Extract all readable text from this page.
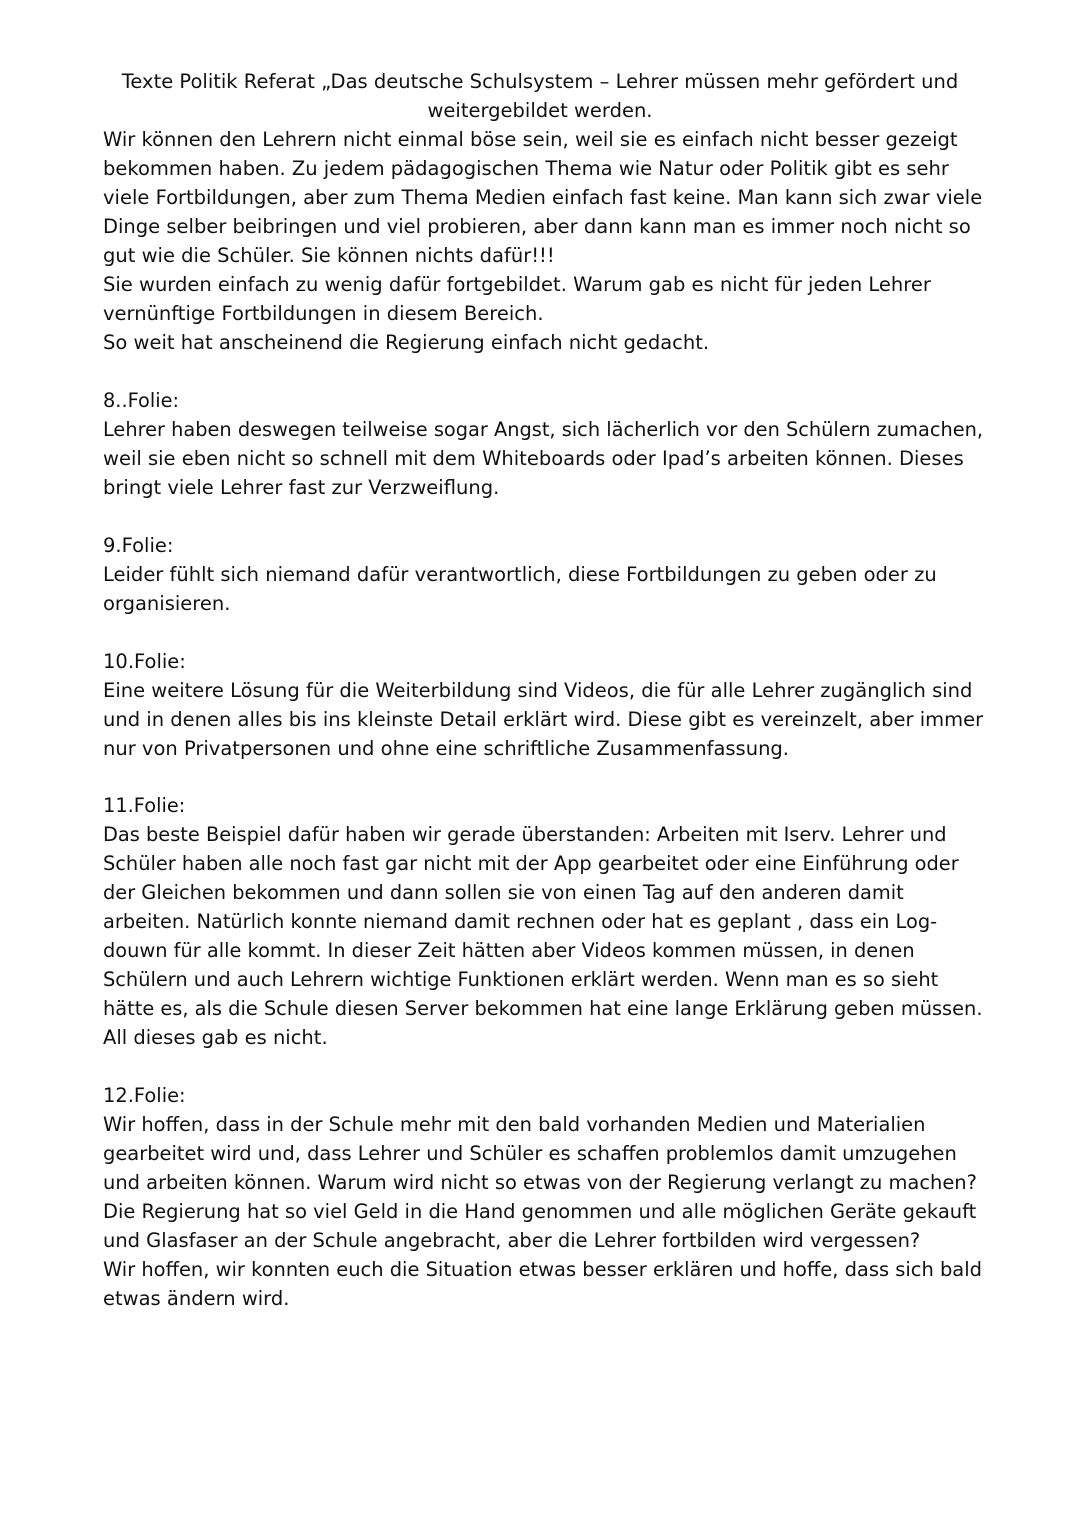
Texte Politik Referat „Das deutsche Schulsystem – Lehrer müssen mehr gefördert und
weitergebildet werden.
Wir können den Lehrern nicht einmal böse sein, weil sie es einfach nicht besser gezeigt
bekommen haben. Zu jedem pädagogischen Thema wie Natur oder Politik gibt es sehr
viele Fortbildungen, aber zum Thema Medien einfach fast keine. Man kann sich zwar viele
Dinge selber beibringen und viel probieren, aber dann kann man es immer noch nicht so
gut wie die Schüler. Sie können nichts dafür!!!
Sie wurden einfach zu wenig dafür fortgebildet. Warum gab es nicht für jeden Lehrer
vernünftige Fortbildungen in diesem Bereich.
So weit hat anscheinend die Regierung einfach nicht gedacht.
8..Folie:
Lehrer haben deswegen teilweise sogar Angst, sich lächerlich vor den Schülern zumachen,
weil sie eben nicht so schnell mit dem Whiteboards oder Ipad’s arbeiten können. Dieses
bringt viele Lehrer fast zur Verzweiflung.
9.Folie:
Leider fühlt sich niemand dafür verantwortlich, diese Fortbildungen zu geben oder zu
organisieren.
10.Folie:
Eine weitere Lösung für die Weiterbildung sind Videos, die für alle Lehrer zugänglich sind
und in denen alles bis ins kleinste Detail erklärt wird. Diese gibt es vereinzelt, aber immer
nur von Privatpersonen und ohne eine schriftliche Zusammenfassung.
11.Folie:
Das beste Beispiel dafür haben wir gerade überstanden: Arbeiten mit Iserv. Lehrer und
Schüler haben alle noch fast gar nicht mit der App gearbeitet oder eine Einführung oder
der Gleichen bekommen und dann sollen sie von einen Tag auf den anderen damit
arbeiten. Natürlich konnte niemand damit rechnen oder hat es geplant , dass ein Log-
douwn für alle kommt. In dieser Zeit hätten aber Videos kommen müssen, in denen
Schülern und auch Lehrern wichtige Funktionen erklärt werden. Wenn man es so sieht
hätte es, als die Schule diesen Server bekommen hat eine lange Erklärung geben müssen.
All dieses gab es nicht.
12.Folie:
Wir hoffen, dass in der Schule mehr mit den bald vorhanden Medien und Materialien
gearbeitet wird und, dass Lehrer und Schüler es schaffen problemlos damit umzugehen
und arbeiten können. Warum wird nicht so etwas von der Regierung verlangt zu machen?
Die Regierung hat so viel Geld in die Hand genommen und alle möglichen Geräte gekauft
und Glasfaser an der Schule angebracht, aber die Lehrer fortbilden wird vergessen?
Wir hoffen, wir konnten euch die Situation etwas besser erklären und hoffe, dass sich bald
etwas ändern wird.
